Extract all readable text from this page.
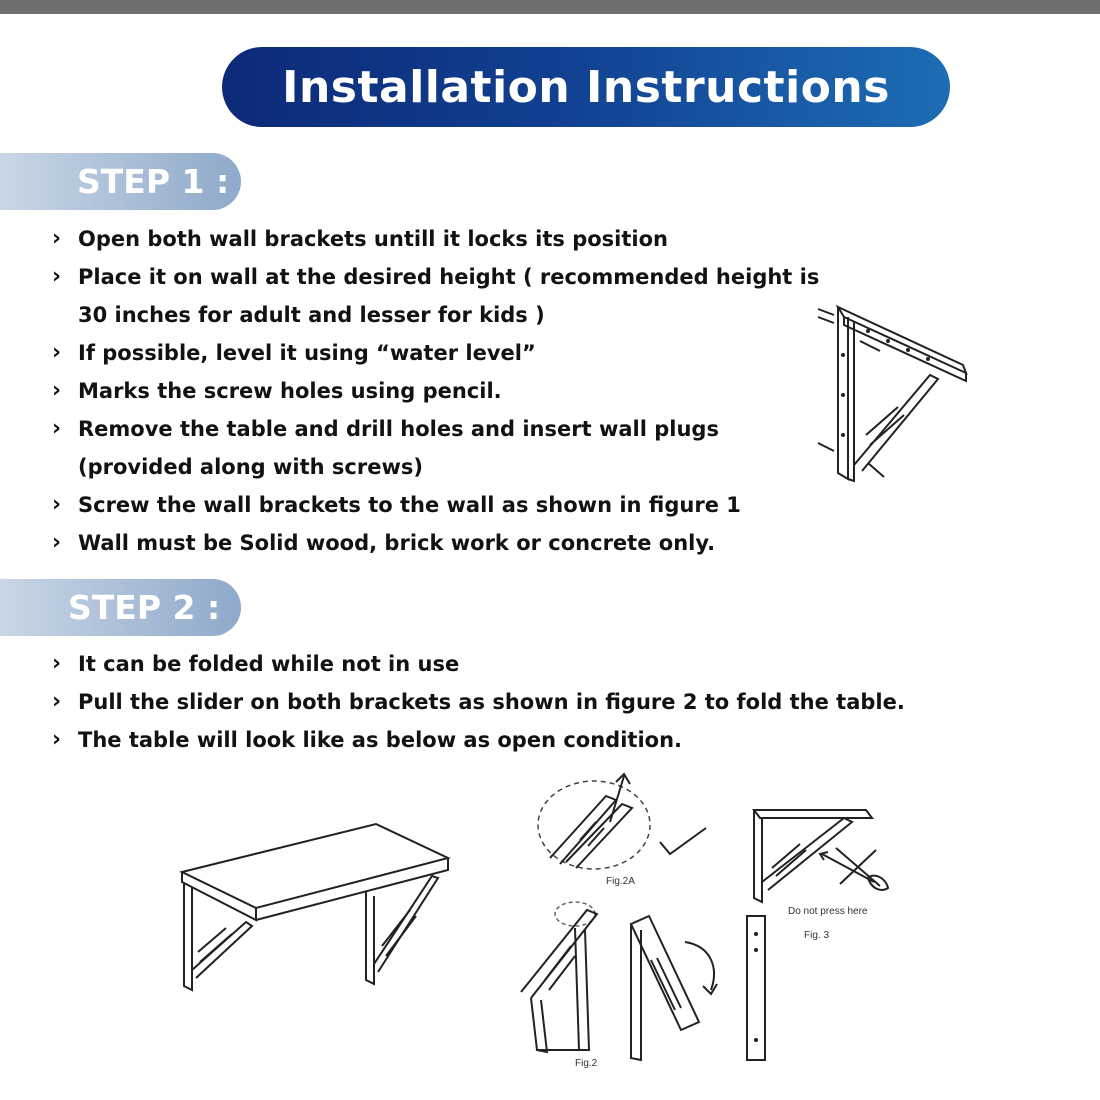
Installation Instructions
STEP 1 :
› Open both wall brackets untill it locks its position
› Place it on wall at the desired height ( recommended height is
30 inches for adult and lesser for kids )
› If possible, level it using “water level”
› Marks the screw holes using pencil.
› Remove the table and drill holes and insert wall plugs
(provided along with screws)
› Screw the wall brackets to the wall as shown in figure 1
› Wall must be Solid wood, brick work or concrete only.
STEP 2 :
› It can be folded while not in use
› Pull the slider on both brackets as shown in figure 2 to fold the table.
› The table will look like as below as open condition.
Fig.2A
Do not press here
Fig. 3
Fig.2
